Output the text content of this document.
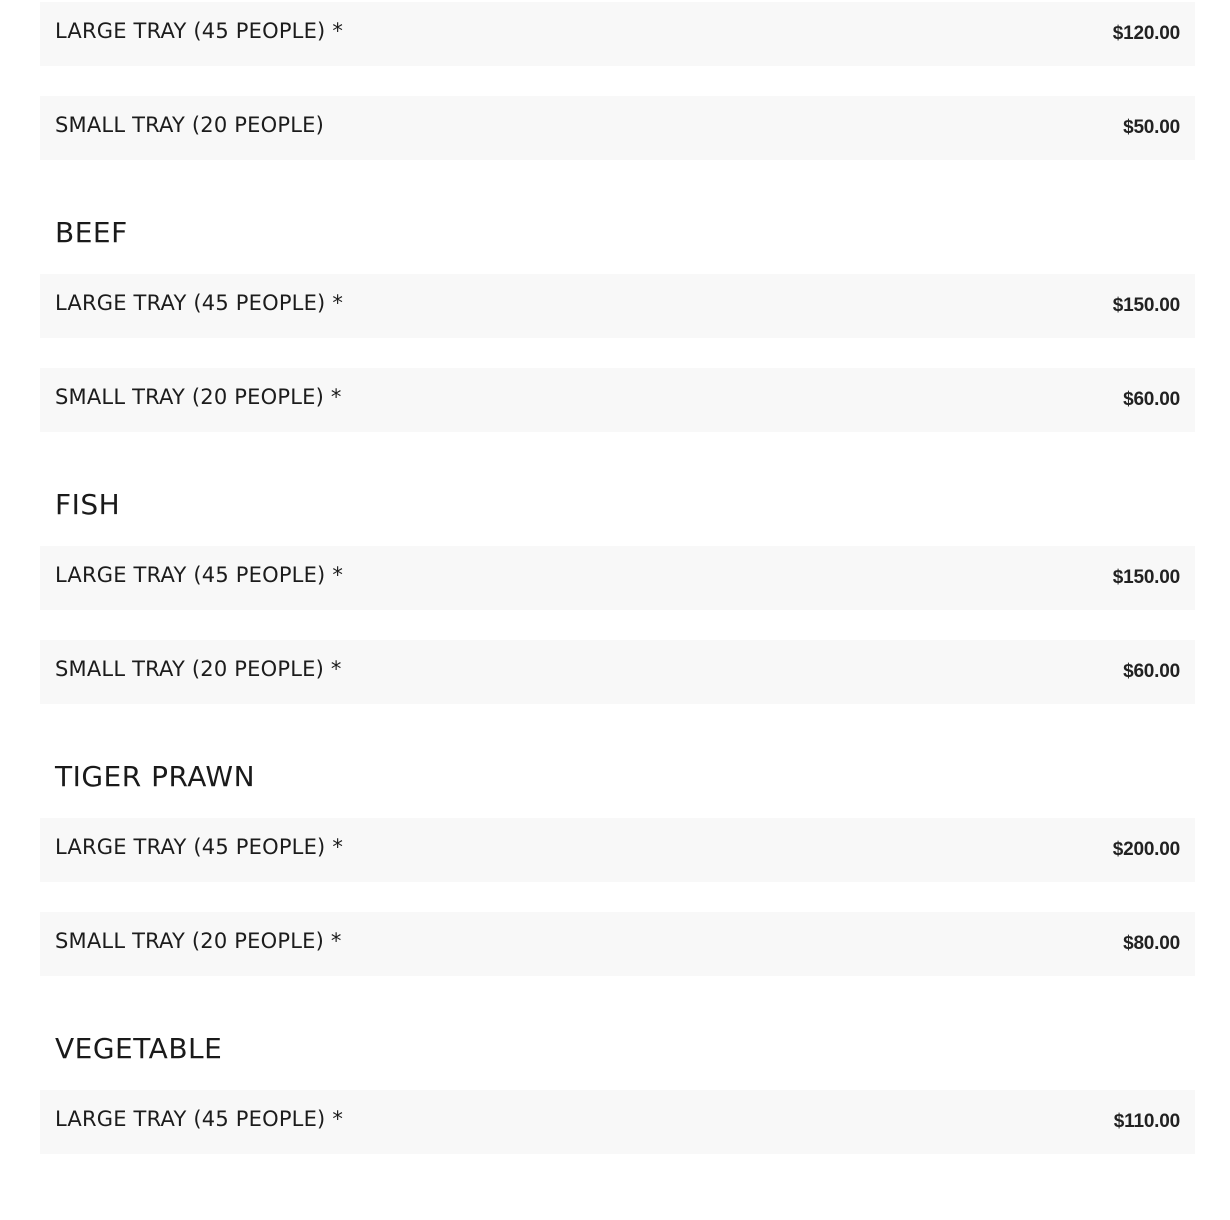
LARGE TRAY (45 PEOPLE) *	$120.00
SMALL TRAY (20 PEOPLE)	$50.00
BEEF
LARGE TRAY (45 PEOPLE) *	$150.00
SMALL TRAY (20 PEOPLE) *	$60.00
FISH
LARGE TRAY (45 PEOPLE) *	$150.00
SMALL TRAY (20 PEOPLE) *	$60.00
TIGER PRAWN
LARGE TRAY (45 PEOPLE) *	$200.00
SMALL TRAY (20 PEOPLE) *	$80.00
VEGETABLE
LARGE TRAY (45 PEOPLE) *	$110.00
